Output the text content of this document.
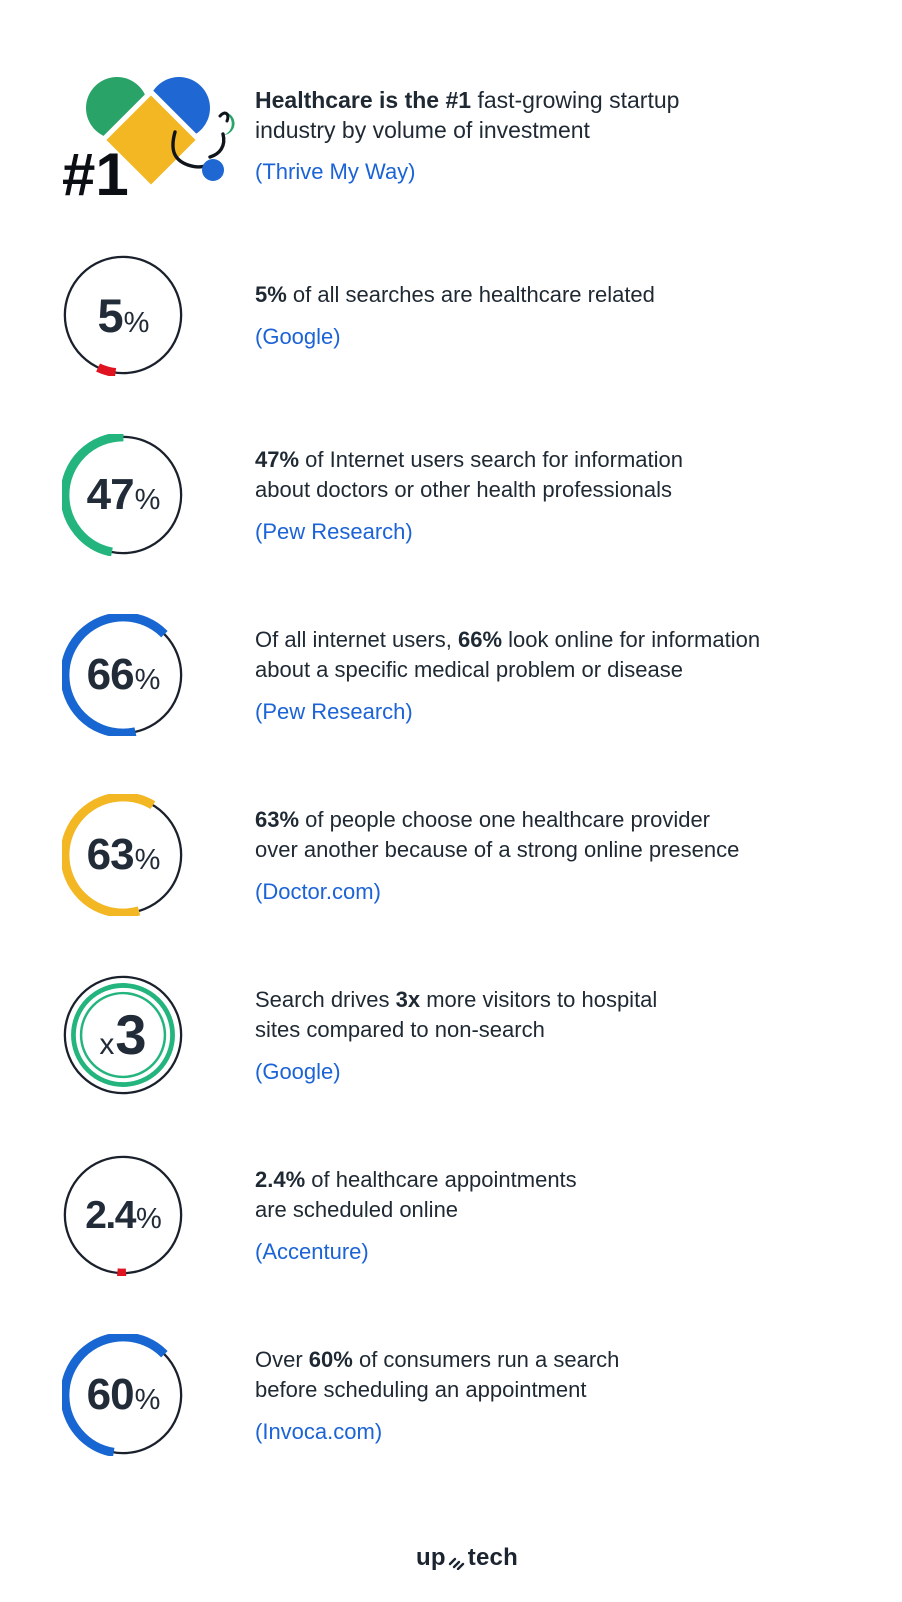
#1

Healthcare is the #1 fast-growing startup
industry by volume of investment

(Thrive My Way)
5%

5% of all searches are healthcare related

(Google)
47%

47% of Internet users search for information
about doctors or other health professionals

(Pew Research)
66%

Of all internet users, 66% look online for information
about a specific medical problem or disease

(Pew Research)
63%

63% of people choose one healthcare provider
over another because of a strong online presence

(Doctor.com)
x3

Search drives 3x more visitors to hospital
sites compared to non-search

(Google)
2.4%

2.4% of healthcare appointments
are scheduled online

(Accenture)
60%

Over 60% of consumers run a search
before scheduling an appointment

(Invoca.com)
up tech
